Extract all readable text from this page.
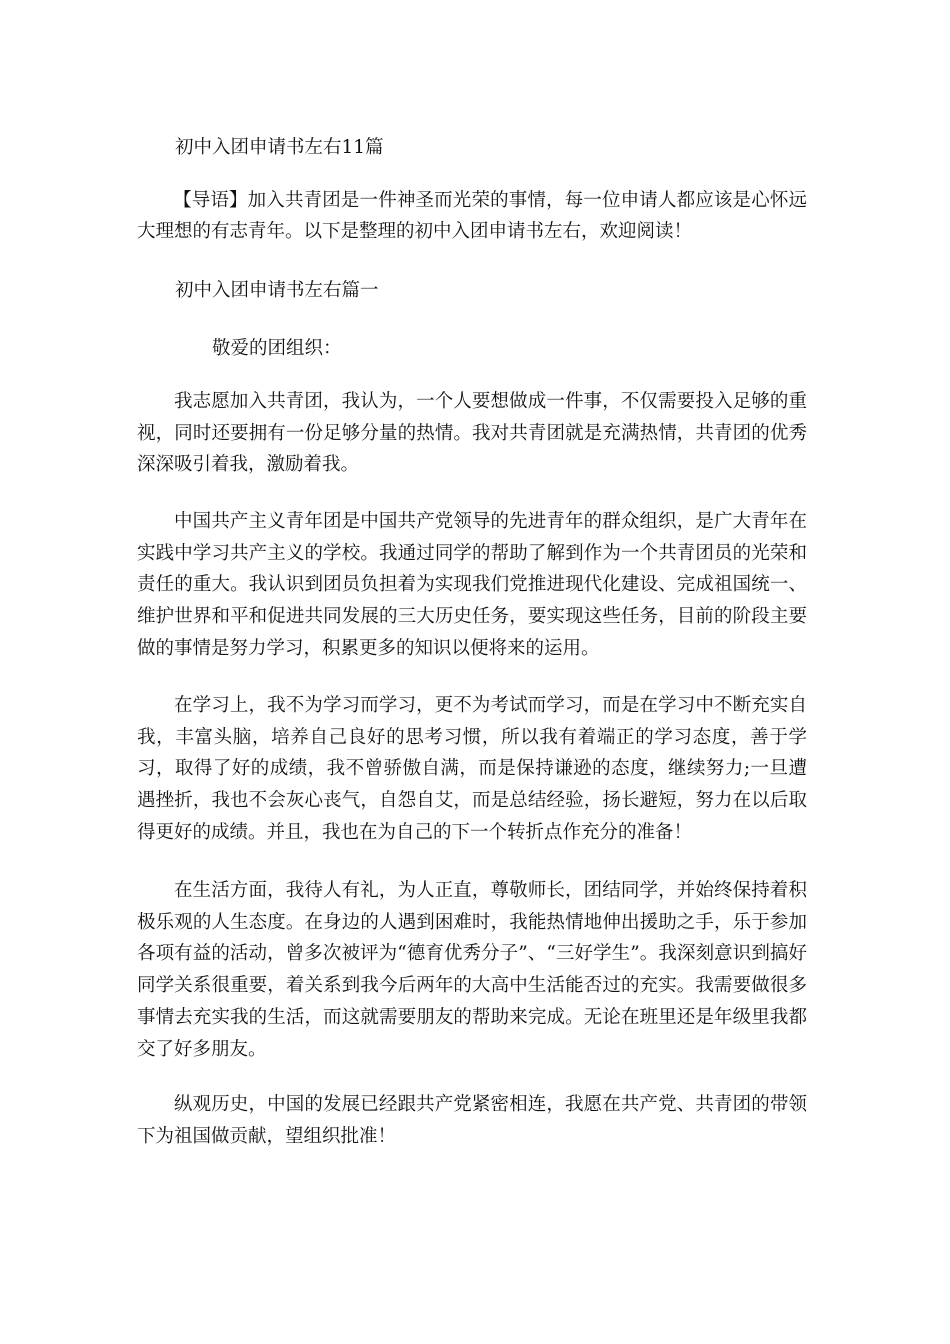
初中入团申请书左右11篇

【导语】加入共青团是一件神圣而光荣的事情，每一位申请人都应该是心怀远大理想的有志青年。以下是整理的初中入团申请书左右，欢迎阅读！

初中入团申请书左右篇一

敬爱的团组织：

我志愿加入共青团，我认为，一个人要想做成一件事，不仅需要投入足够的重视，同时还要拥有一份足够分量的热情。我对共青团就是充满热情，共青团的优秀深深吸引着我，激励着我。

中国共产主义青年团是中国共产党领导的先进青年的群众组织，是广大青年在实践中学习共产主义的学校。我通过同学的帮助了解到作为一个共青团员的光荣和责任的重大。我认识到团员负担着为实现我们党推进现代化建设、完成祖国统一、维护世界和平和促进共同发展的三大历史任务，要实现这些任务，目前的阶段主要做的事情是努力学习，积累更多的知识以便将来的运用。

在学习上，我不为学习而学习，更不为考试而学习，而是在学习中不断充实自我，丰富头脑，培养自己良好的思考习惯，所以我有着端正的学习态度，善于学习，取得了好的成绩，我不曾骄傲自满，而是保持谦逊的态度，继续努力;一旦遭遇挫折，我也不会灰心丧气，自怨自艾，而是总结经验，扬长避短，努力在以后取得更好的成绩。并且，我也在为自己的下一个转折点作充分的准备！

在生活方面，我待人有礼，为人正直，尊敬师长，团结同学，并始终保持着积极乐观的人生态度。在身边的人遇到困难时，我能热情地伸出援助之手，乐于参加各项有益的活动，曾多次被评为“德育优秀分子”、“三好学生”。我深刻意识到搞好同学关系很重要，着关系到我今后两年的大高中生活能否过的充实。我需要做很多事情去充实我的生活，而这就需要朋友的帮助来完成。无论在班里还是年级里我都交了好多朋友。

纵观历史，中国的发展已经跟共产党紧密相连，我愿在共产党、共青团的带领下为祖国做贡献，望组织批准！
